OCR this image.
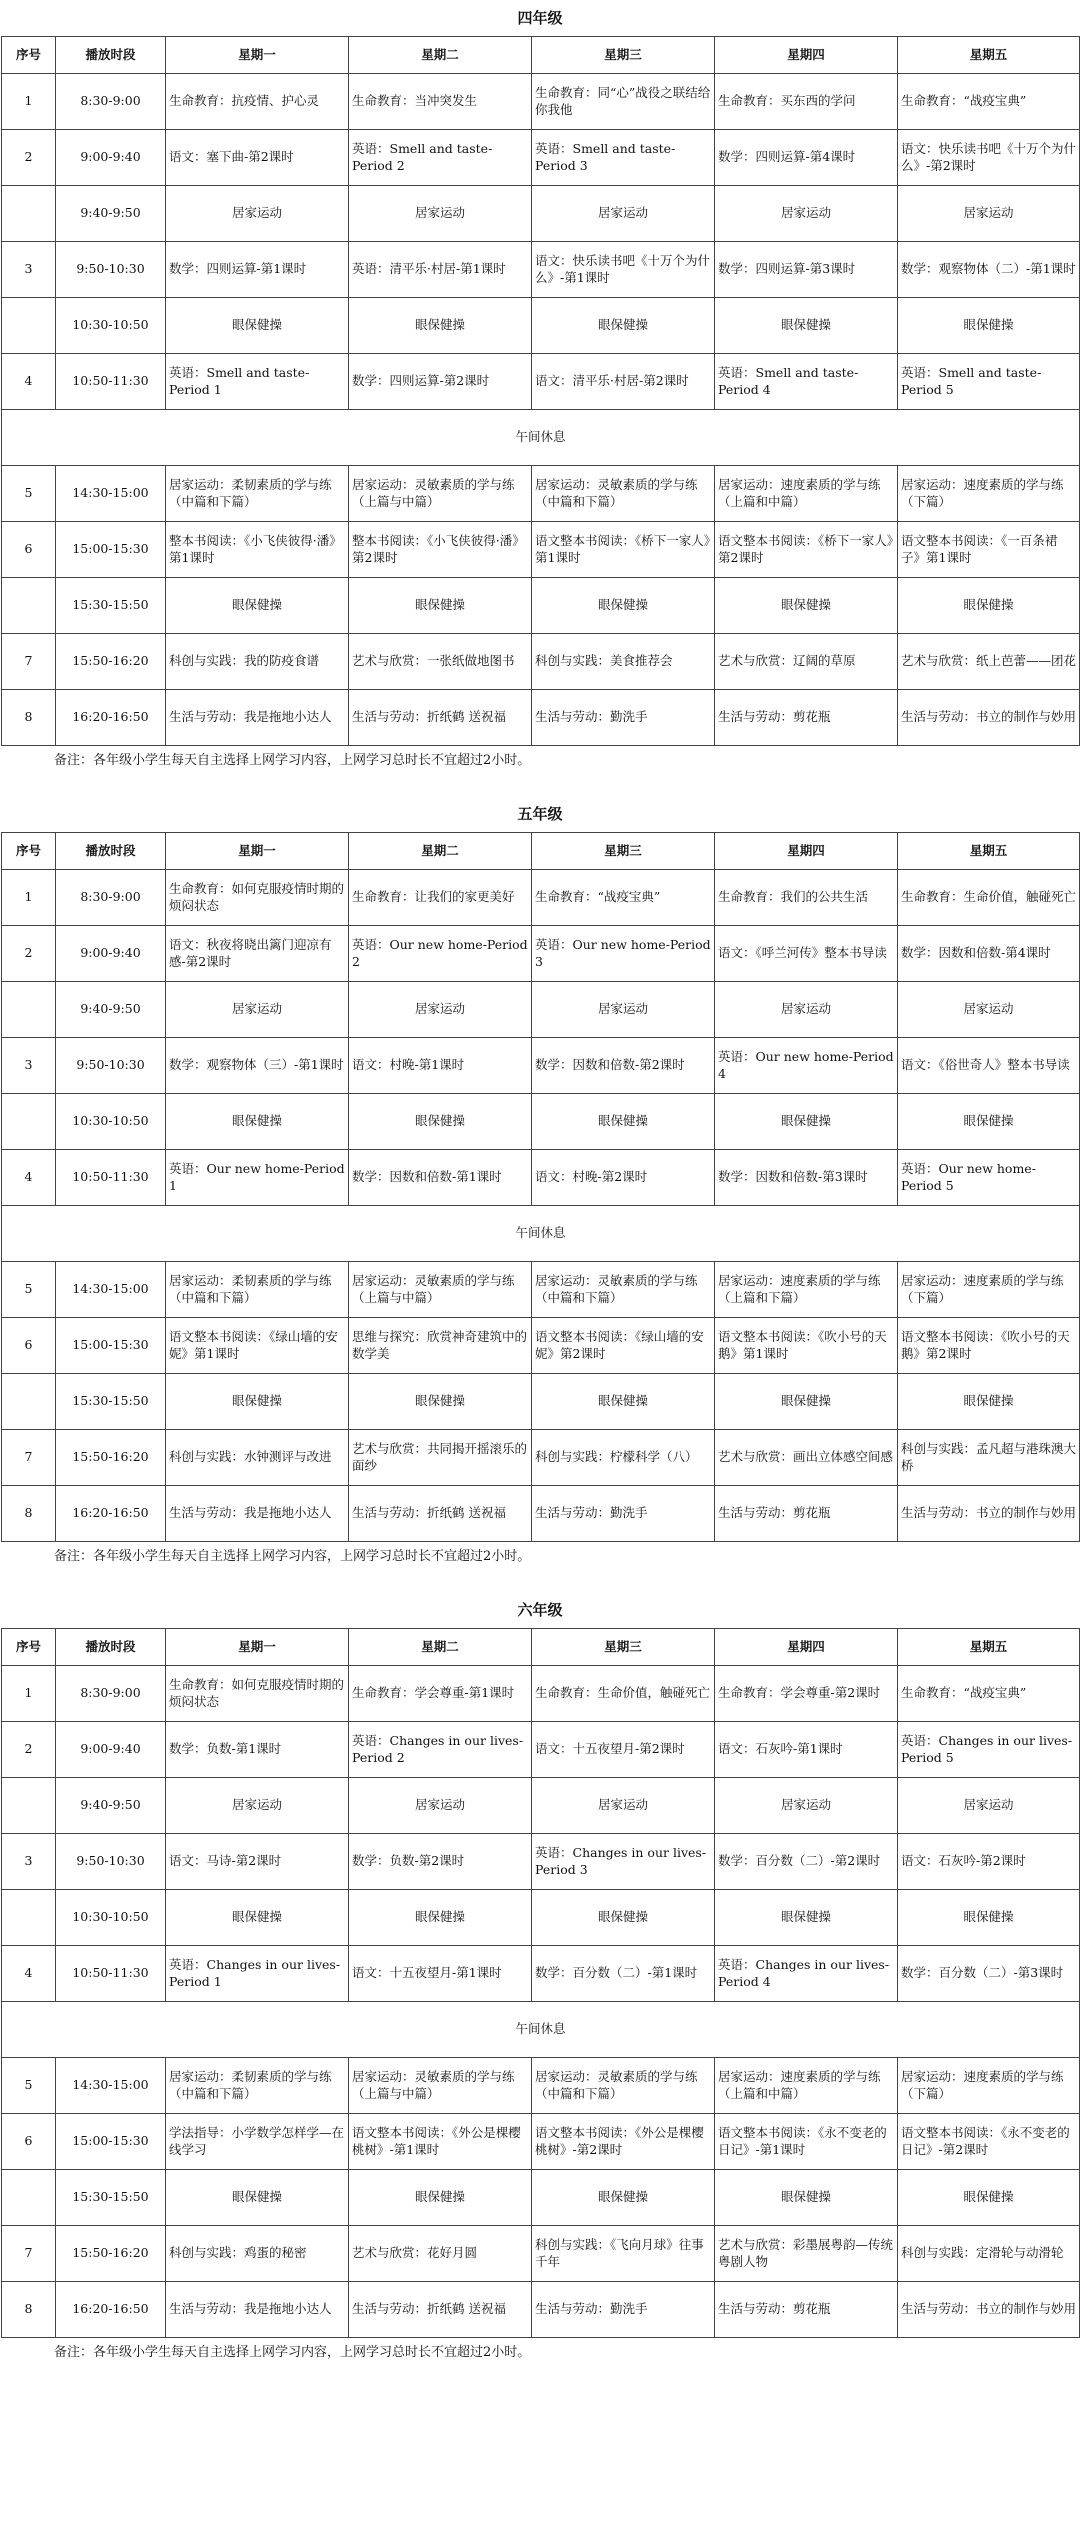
四年级
序号	播放时段	星期一	星期二	星期三	星期四	星期五
1	8:30-9:00	生命教育：抗疫情、护心灵	生命教育：当冲突发生	生命教育：同“心”战役之联结给你我他	生命教育：买东西的学问	生命教育：“战疫宝典”
2	9:00-9:40	语文：塞下曲-第2课时	英语：Smell and taste-Period 2	英语：Smell and taste-Period 3	数学：四则运算-第4课时	语文：快乐读书吧《十万个为什么》-第2课时
	9:40-9:50	居家运动	居家运动	居家运动	居家运动	居家运动
3	9:50-10:30	数学：四则运算-第1课时	英语：清平乐·村居-第1课时	语文：快乐读书吧《十万个为什么》-第1课时	数学：四则运算-第3课时	数学：观察物体（二）-第1课时
	10:30-10:50	眼保健操	眼保健操	眼保健操	眼保健操	眼保健操
4	10:50-11:30	英语：Smell and taste-Period 1	数学：四则运算-第2课时	语文：清平乐·村居-第2课时	英语：Smell and taste-Period 4	英语：Smell and taste-Period 5
午间休息						
5	14:30-15:00	居家运动：柔韧素质的学与练（中篇和下篇）	居家运动：灵敏素质的学与练（上篇与中篇）	居家运动：灵敏素质的学与练（中篇和下篇）	居家运动：速度素质的学与练（上篇和中篇）	居家运动：速度素质的学与练（下篇）
6	15:00-15:30	整本书阅读：《小飞侠彼得·潘》第1课时	整本书阅读：《小飞侠彼得·潘》第2课时	语文整本书阅读：《桥下一家人》第1课时	语文整本书阅读：《桥下一家人》第2课时	语文整本书阅读：《一百条裙子》第1课时
	15:30-15:50	眼保健操	眼保健操	眼保健操	眼保健操	眼保健操
7	15:50-16:20	科创与实践：我的防疫食谱	艺术与欣赏：一张纸做地图书	科创与实践：美食推荐会	艺术与欣赏：辽阔的草原	艺术与欣赏：纸上芭蕾——团花
8	16:20-16:50	生活与劳动：我是拖地小达人	生活与劳动：折纸鹤 送祝福	生活与劳动：勤洗手	生活与劳动：剪花瓶	生活与劳动：书立的制作与妙用
备注：各年级小学生每天自主选择上网学习内容，上网学习总时长不宜超过2小时。
五年级
序号	播放时段	星期一	星期二	星期三	星期四	星期五
1	8:30-9:00	生命教育：如何克服疫情时期的烦闷状态	生命教育：让我们的家更美好	生命教育：“战疫宝典”	生命教育：我们的公共生活	生命教育：生命价值，触碰死亡
2	9:00-9:40	语文：秋夜将晓出篱门迎凉有感-第2课时	英语：Our new home-Period 2	英语：Our new home-Period 3	语文：《呼兰河传》整本书导读	数学：因数和倍数-第4课时
	9:40-9:50	居家运动	居家运动	居家运动	居家运动	居家运动
3	9:50-10:30	数学：观察物体（三）-第1课时	语文：村晚-第1课时	数学：因数和倍数-第2课时	英语：Our new home-Period 4	语文：《俗世奇人》整本书导读
	10:30-10:50	眼保健操	眼保健操	眼保健操	眼保健操	眼保健操
4	10:50-11:30	英语：Our new home-Period 1	数学：因数和倍数-第1课时	语文：村晚-第2课时	数学：因数和倍数-第3课时	英语：Our new home-Period 5
午间休息						
5	14:30-15:00	居家运动：柔韧素质的学与练（中篇和下篇）	居家运动：灵敏素质的学与练（上篇与中篇）	居家运动：灵敏素质的学与练（中篇和下篇）	居家运动：速度素质的学与练（上篇和下篇）	居家运动：速度素质的学与练（下篇）
6	15:00-15:30	语文整本书阅读：《绿山墙的安妮》第1课时	思维与探究：欣赏神奇建筑中的数学美	语文整本书阅读：《绿山墙的安妮》第2课时	语文整本书阅读：《吹小号的天鹅》第1课时	语文整本书阅读：《吹小号的天鹅》第2课时
	15:30-15:50	眼保健操	眼保健操	眼保健操	眼保健操	眼保健操
7	15:50-16:20	科创与实践：水钟测评与改进	艺术与欣赏：共同揭开摇滚乐的面纱	科创与实践：柠檬科学（八）	艺术与欣赏：画出立体感空间感	科创与实践：孟凡超与港珠澳大桥
8	16:20-16:50	生活与劳动：我是拖地小达人	生活与劳动：折纸鹤 送祝福	生活与劳动：勤洗手	生活与劳动：剪花瓶	生活与劳动：书立的制作与妙用
备注：各年级小学生每天自主选择上网学习内容，上网学习总时长不宜超过2小时。
六年级
序号	播放时段	星期一	星期二	星期三	星期四	星期五
1	8:30-9:00	生命教育：如何克服疫情时期的烦闷状态	生命教育：学会尊重-第1课时	生命教育：生命价值，触碰死亡	生命教育：学会尊重-第2课时	生命教育：“战疫宝典”
2	9:00-9:40	数学：负数-第1课时	英语：Changes in our lives-Period 2	语文：十五夜望月-第2课时	语文：石灰吟-第1课时	英语：Changes in our lives-Period 5
	9:40-9:50	居家运动	居家运动	居家运动	居家运动	居家运动
3	9:50-10:30	语文：马诗-第2课时	数学：负数-第2课时	英语：Changes in our lives-Period 3	数学：百分数（二）-第2课时	语文：石灰吟-第2课时
	10:30-10:50	眼保健操	眼保健操	眼保健操	眼保健操	眼保健操
4	10:50-11:30	英语：Changes in our lives-Period 1	语文：十五夜望月-第1课时	数学：百分数（二）-第1课时	英语：Changes in our lives-Period 4	数学：百分数（二）-第3课时
午间休息						
5	14:30-15:00	居家运动：柔韧素质的学与练（中篇和下篇）	居家运动：灵敏素质的学与练（上篇与中篇）	居家运动：灵敏素质的学与练（中篇和下篇）	居家运动：速度素质的学与练（上篇和中篇）	居家运动：速度素质的学与练（下篇）
6	15:00-15:30	学法指导：小学数学怎样学—在线学习	语文整本书阅读：《外公是棵樱桃树》-第1课时	语文整本书阅读：《外公是棵樱桃树》-第2课时	语文整本书阅读：《永不变老的日记》-第1课时	语文整本书阅读：《永不变老的日记》-第2课时
	15:30-15:50	眼保健操	眼保健操	眼保健操	眼保健操	眼保健操
7	15:50-16:20	科创与实践：鸡蛋的秘密	艺术与欣赏：花好月圆	科创与实践：《飞向月球》往事千年	艺术与欣赏：彩墨展粤韵—传统粤剧人物	科创与实践：定滑轮与动滑轮
8	16:20-16:50	生活与劳动：我是拖地小达人	生活与劳动：折纸鹤 送祝福	生活与劳动：勤洗手	生活与劳动：剪花瓶	生活与劳动：书立的制作与妙用
备注：各年级小学生每天自主选择上网学习内容，上网学习总时长不宜超过2小时。
